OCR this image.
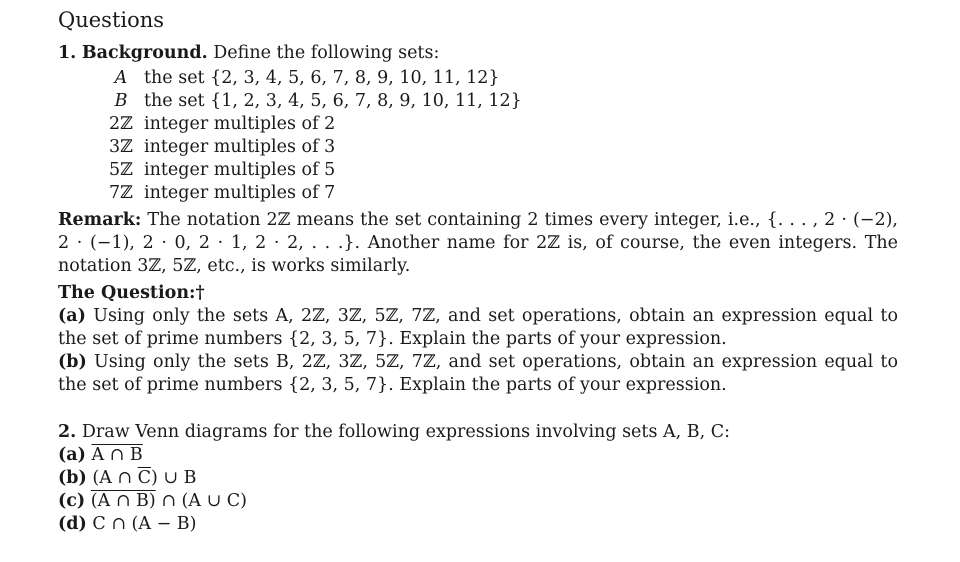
Questions
1. Background. Define the following sets:
A	the set {2, 3, 4, 5, 6, 7, 8, 9, 10, 11, 12}
B	the set {1, 2, 3, 4, 5, 6, 7, 8, 9, 10, 11, 12}
2ℤ	integer multiples of 2
3ℤ	integer multiples of 3
5ℤ	integer multiples of 5
7ℤ	integer multiples of 7

Remark: The notation 2ℤ means the set containing 2 times every integer, i.e., {. . . , 2 · (−2), 2 · (−1), 2 · 0, 2 · 1, 2 · 2, . . .}. Another name for 2ℤ is, of course, the even integers. The notation 3ℤ, 5ℤ, etc., is works similarly.

The Question:†

(a) Using only the sets A, 2ℤ, 3ℤ, 5ℤ, 7ℤ, and set operations, obtain an expression equal to the set of prime numbers {2, 3, 5, 7}. Explain the parts of your expression.

(b) Using only the sets B, 2ℤ, 3ℤ, 5ℤ, 7ℤ, and set operations, obtain an expression equal to the set of prime numbers {2, 3, 5, 7}. Explain the parts of your expression.

2. Draw Venn diagrams for the following expressions involving sets A, B, C:
(a) A ∩ B
(b) (A ∩ $\overline{C}$) ∪ B
(c) (A ∩ B) ∩ (A ∪ C)
(d) C ∩ (A − B)
